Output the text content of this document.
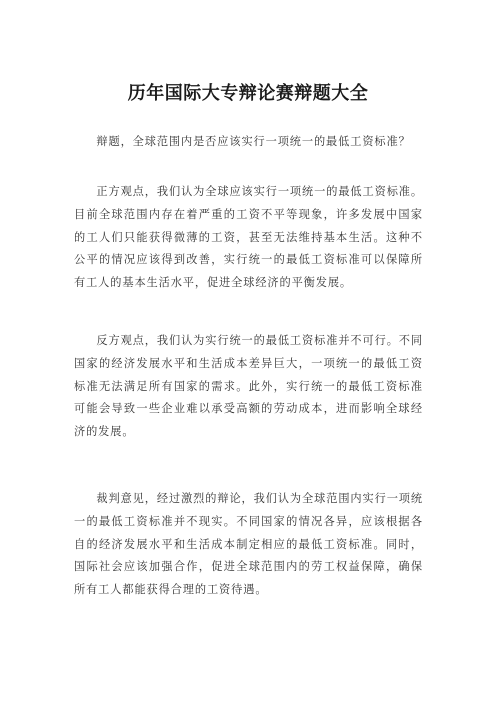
历年国际大专辩论赛辩题大全

辩题，全球范围内是否应该实行一项统一的最低工资标准？

正方观点，我们认为全球应该实行一项统一的最低工资标准。目前全球范围内存在着严重的工资不平等现象，许多发展中国家的工人们只能获得微薄的工资，甚至无法维持基本生活。这种不公平的情况应该得到改善，实行统一的最低工资标准可以保障所有工人的基本生活水平，促进全球经济的平衡发展。

反方观点，我们认为实行统一的最低工资标准并不可行。不同国家的经济发展水平和生活成本差异巨大，一项统一的最低工资标准无法满足所有国家的需求。此外，实行统一的最低工资标准可能会导致一些企业难以承受高额的劳动成本，进而影响全球经济的发展。

裁判意见，经过激烈的辩论，我们认为全球范围内实行一项统一的最低工资标准并不现实。不同国家的情况各异，应该根据各自的经济发展水平和生活成本制定相应的最低工资标准。同时，国际社会应该加强合作，促进全球范围内的劳工权益保障，确保所有工人都能获得合理的工资待遇。
